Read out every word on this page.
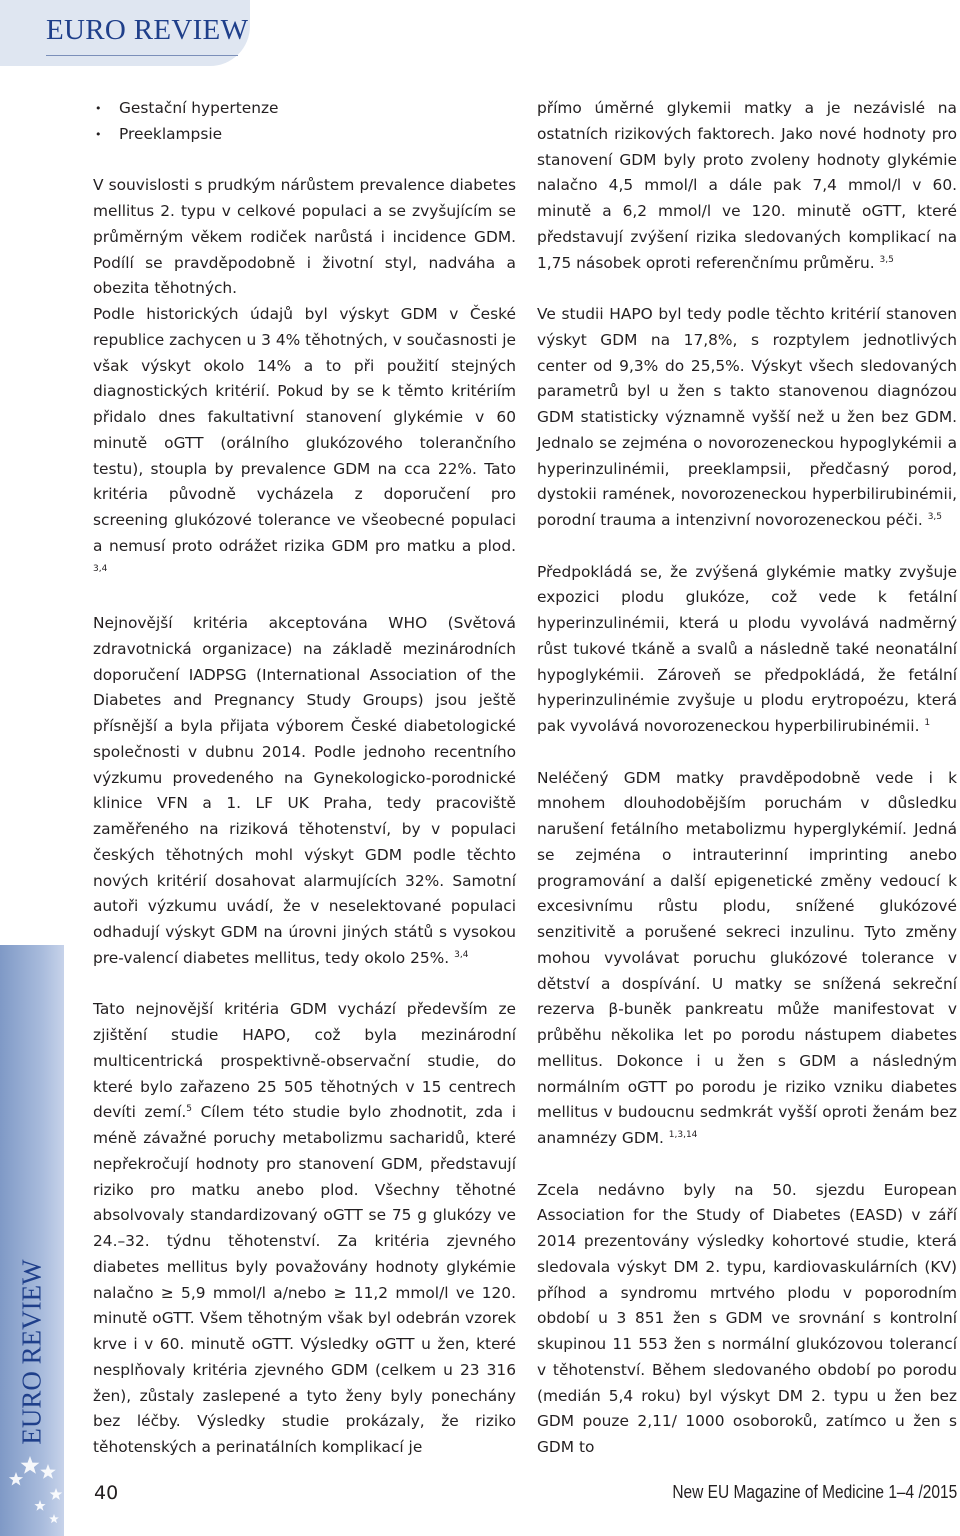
EURO REVIEW
EURO REVIEW
• Gestační hypertenze
• Preeklampsie

V souvislosti s prudkým nárůstem prevalence diabetes mellitus 2. typu v celkové populaci a se zvyšujícím se průměrným věkem rodiček narůstá i incidence GDM. Podílí se pravděpodobně i životní styl, nadváha a obezita těhotných.

Podle historických údajů byl výskyt GDM v České republice zachycen u 3 4% těhotných, v současnosti je však výskyt okolo 14% a to při použití stejných diagnostických kritérií. Pokud by se k těmto kritériím přidalo dnes fakultativní stanovení glykémie v 60 minutě oGTT (orálního glukózového tolerančního testu), stoupla by prevalence GDM na cca 22%. Tato kritéria původně vycházela z doporučení pro screening glukózové tolerance ve všeobecné populaci a nemusí proto odrážet rizika GDM pro matku a plod. $^{3,4}$

Nejnovější kritéria akceptována WHO (Světová zdravotnická organizace) na základě mezinárodních doporučení IADPSG (International Association of the Diabetes and Pregnancy Study Groups) jsou ještě přísnější a byla přijata výborem České diabetologické společnosti v dubnu 2014. Podle jednoho recentního výzkumu provedeného na Gynekologicko-porodnické klinice VFN a 1. LF UK Praha, tedy pracoviště zaměřeného na riziková těhotenství, by v populaci českých těhotných mohl výskyt GDM podle těchto nových kritérií dosahovat alarmujících 32%. Samotní autoři výzkumu uvádí, že v neselektované populaci odhadují výskyt GDM na úrovni jiných států s vysokou pre-valencí diabetes mellitus, tedy okolo 25%. $^{3,4}$

Tato nejnovější kritéria GDM vychází především ze zjištění studie HAPO, což byla mezinárodní multicentrická prospektivně-observační studie, do které bylo zařazeno 25 505 těhotných v 15 centrech devíti zemí.$^5$ Cílem této studie bylo zhodnotit, zda i méně závažné poruchy metabolizmu sacharidů, které nepřekročují hodnoty pro stanovení GDM, představují riziko pro matku anebo plod. Všechny těhotné absolvovaly standardizovaný oGTT se 75 g glukózy ve 24.–32. týdnu těhotenství. Za kritéria zjevného diabetes mellitus byly považovány hodnoty glykémie nalačno ≥ 5,9 mmol/l a/nebo ≥ 11,2 mmol/l ve 120. minutě oGTT. Všem těhotným však byl odebrán vzorek krve i v 60. minutě oGTT. Výsledky oGTT u žen, které nesplňovaly kritéria zjevného GDM (celkem u 23 316 žen), zůstaly zaslepené a tyto ženy byly ponechány bez léčby. Výsledky studie prokázaly, že riziko těhotenských a perinatálních komplikací je

přímo úměrné glykemii matky a je nezávislé na ostatních rizikových faktorech. Jako nové hodnoty pro stanovení GDM byly proto zvoleny hodnoty glykémie nalačno 4,5 mmol/l a dále pak 7,4 mmol/l v 60. minutě a 6,2 mmol/l ve 120. minutě oGTT, které představují zvýšení rizika sledovaných komplikací na 1,75 násobek oproti referenčnímu průměru. $^{3,5}$

Ve studii HAPO byl tedy podle těchto kritérií stanoven výskyt GDM na 17,8%, s rozptylem jednotlivých center od 9,3% do 25,5%. Výskyt všech sledovaných parametrů byl u žen s takto stanovenou diagnózou GDM statisticky významně vyšší než u žen bez GDM. Jednalo se zejména o novorozeneckou hypoglykémii a hyperinzulinémii, preeklampsii, předčasný porod, dystokii ramének, novorozeneckou hyperbilirubinémii, porodní trauma a intenzivní novorozeneckou péči. $^{3,5}$

Předpokládá se, že zvýšená glykémie matky zvyšuje expozici plodu glukóze, což vede k fetální hyperinzulinémii, která u plodu vyvolává nadměrný růst tukové tkáně a svalů a následně také neonatální hypoglykémii. Zároveň se předpokládá, že fetální hyperinzulinémie zvyšuje u plodu erytropoézu, která pak vyvolává novorozeneckou hyperbilirubinémii. $^1$

Neléčený GDM matky pravděpodobně vede i k mnohem dlouhodobějším poruchám v důsledku narušení fetálního metabolizmu hyperglykémií. Jedná se zejména o intrauterinní imprinting anebo programování a další epigenetické změny vedoucí k excesivnímu růstu plodu, snížené glukózové senzitivitě a porušené sekreci inzulinu. Tyto změny mohou vyvolávat poruchu glukózové tolerance v dětství a dospívání. U matky se snížená sekreční rezerva β-buněk pankreatu může manifestovat v průběhu několika let po porodu nástupem diabetes mellitus. Dokonce i u žen s GDM a následným normálním oGTT po porodu je riziko vzniku diabetes mellitus v budoucnu sedmkrát vyšší oproti ženám bez anamnézy GDM. $^{1,3,14}$

Zcela nedávno byly na 50. sjezdu European Association for the Study of Diabetes (EASD) v září 2014 prezentovány výsledky kohortové studie, která sledovala výskyt DM 2. typu, kardiovaskulárních (KV) příhod a syndromu mrtvého plodu v poporodním období u 3 851 žen s GDM ve srovnání s kontrolní skupinou 11 553 žen s normální glukózovou tolerancí v těhotenství. Během sledovaného období po porodu (medián 5,4 roku) byl výskyt DM 2. typu u žen bez GDM pouze 2,11/ 1000 osoboroků, zatímco u žen s GDM to

40	New EU Magazine of Medicine 1–4 /2015
